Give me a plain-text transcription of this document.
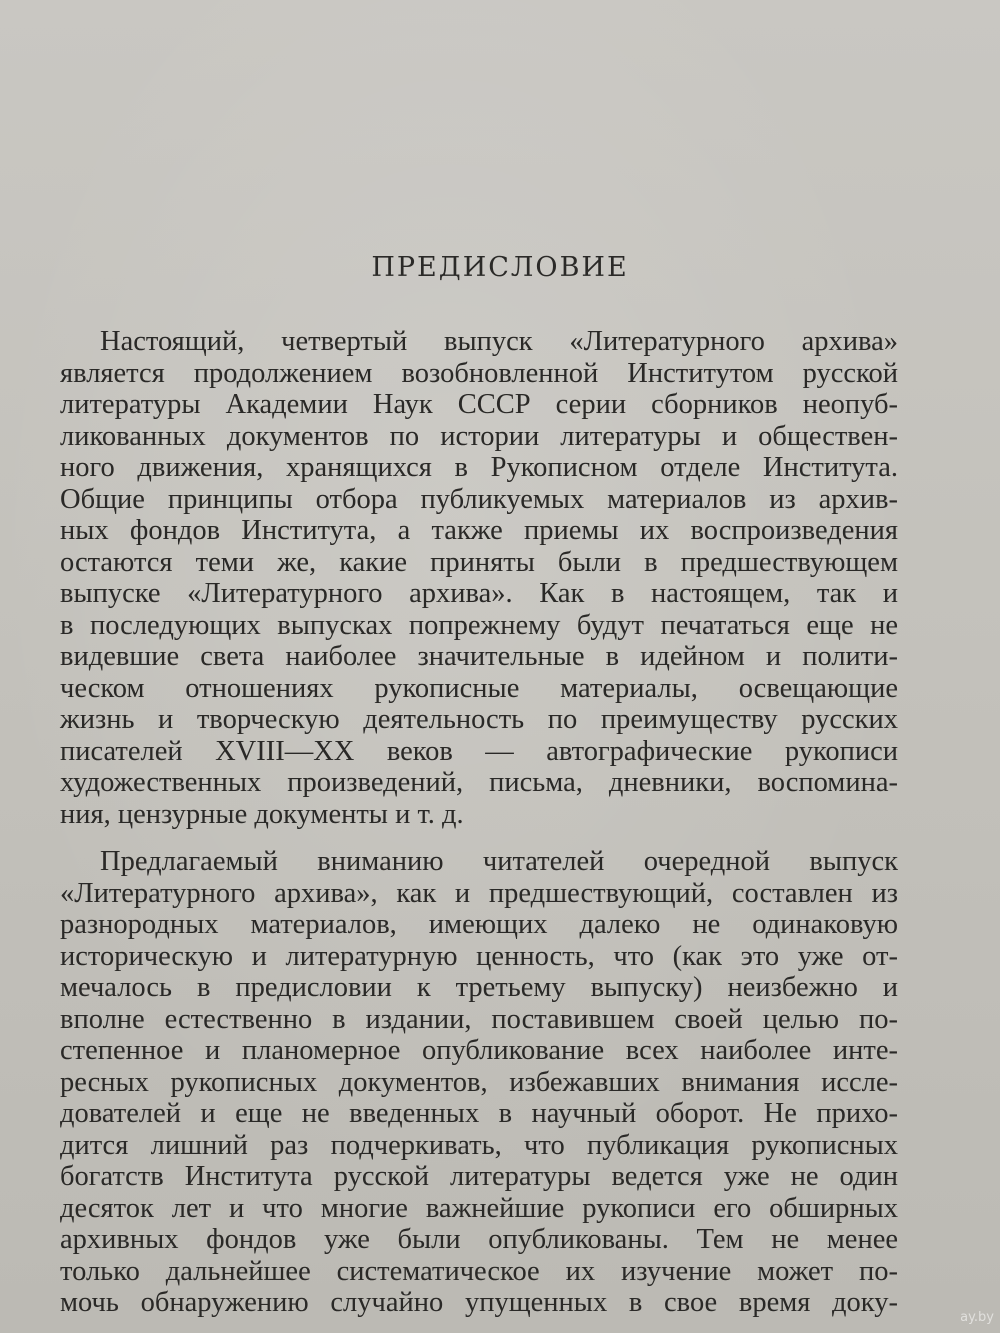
ПРЕДИСЛОВИЕ
Настоящий, четвертый выпуск «Литературного архива»
является продолжением возобновленной Институтом русской
литературы Академии Наук СССР серии сборников неопуб-
ликованных документов по истории литературы и обществен-
ного движения, хранящихся в Рукописном отделе Института.
Общие принципы отбора публикуемых материалов из архив-
ных фондов Института, а также приемы их воспроизведения
остаются теми же, какие приняты были в предшествующем
выпуске «Литературного архива». Как в настоящем, так и
в последующих выпусках попрежнему будут печататься еще не
видевшие света наиболее значительные в идейном и полити-
ческом отношениях рукописные материалы, освещающие
жизнь и творческую деятельность по преимуществу русских
писателей XVIII—XX веков — автографические рукописи
художественных произведений, письма, дневники, воспомина-
ния, цензурные документы и т. д.
Предлагаемый вниманию читателей очередной выпуск
«Литературного архива», как и предшествующий, составлен из
разнородных материалов, имеющих далеко не одинаковую
историческую и литературную ценность, что (как это уже от-
мечалось в предисловии к третьему выпуску) неизбежно и
вполне естественно в издании, поставившем своей целью по-
степенное и планомерное опубликование всех наиболее инте-
ресных рукописных документов, избежавших внимания иссле-
дователей и еще не введенных в научный оборот. Не прихо-
дится лишний раз подчеркивать, что публикация рукописных
богатств Института русской литературы ведется уже не один
десяток лет и что многие важнейшие рукописи его обширных
архивных фондов уже были опубликованы. Тем не менее
только дальнейшее систематическое их изучение может по-
мочь обнаружению случайно упущенных в свое время доку-	ay.by
